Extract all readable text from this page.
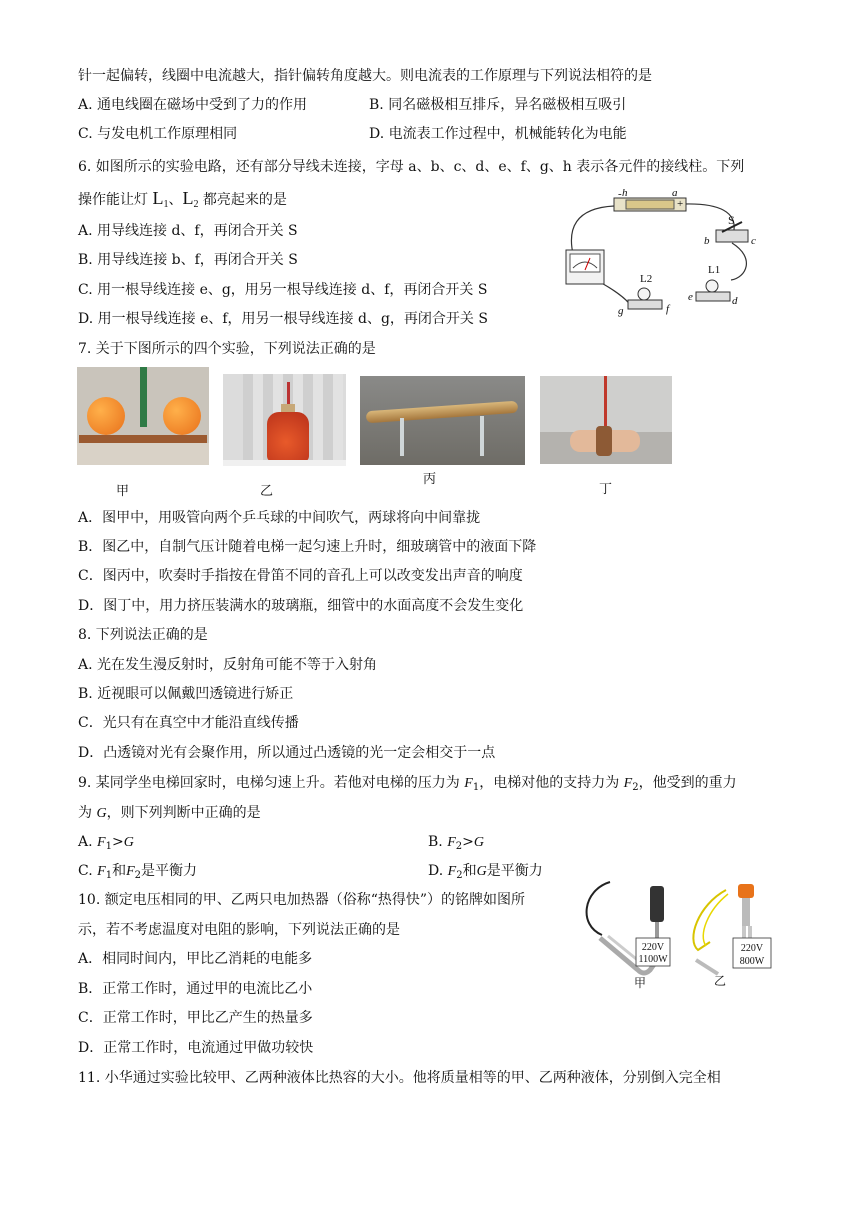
针一起偏转，线圈中电流越大，指针偏转角度越大。则电流表的工作原理与下列说法相符的是
A. 通电线圈在磁场中受到了力的作用	B. 同名磁极相互排斥，异名磁极相互吸引
C. 与发电机工作原理相同	D. 电流表工作过程中，机械能转化为电能
6. 如图所示的实验电路，还有部分导线未连接，字母 a、b、c、d、e、f、g、h 表示各元件的接线柱。下列
操作能让灯 $L_1$、$L_2$ 都亮起来的是
A. 用导线连接 d、f，再闭合开关 S
B. 用导线连接 b、f，再闭合开关 S
C. 用一根导线连接 e、g，用另一根导线连接 d、f，再闭合开关 S
D. 用一根导线连接 e、f，用另一根导线连接 d、g，再闭合开关 S
- h	a
+
S
b	c
L1
e	d
L2
g	f
7. 关于下图所示的四个实验，下列说法正确的是
甲	乙
丙
丁
A．图甲中，用吸管向两个乒乓球的中间吹气，两球将向中间靠拢
B．图乙中，自制气压计随着电梯一起匀速上升时，细玻璃管中的液面下降
C．图丙中，吹奏时手指按在骨笛不同的音孔上可以改变发出声音的响度
D．图丁中，用力挤压装满水的玻璃瓶，细管中的水面高度不会发生变化
8. 下列说法正确的是
A. 光在发生漫反射时，反射角可能不等于入射角
B. 近视眼可以佩戴凹透镜进行矫正
C．光只有在真空中才能沿直线传播
D．凸透镜对光有会聚作用，所以通过凸透镜的光一定会相交于一点
9. 某同学坐电梯回家时，电梯匀速上升。若他对电梯的压力为 $F_1$，电梯对他的支持力为 $F_2$，他受到的重力
为 G，则下列判断中正确的是
A. $F_1>G$	B. $F_2>G$
C. $F_1$和$F_2$是平衡力	D. $F_2$和G是平衡力
10. 额定电压相同的甲、乙两只电加热器（俗称“热得快”）的铭牌如图所
示，若不考虑温度对电阻的影响，下列说法正确的是
A．相同时间内，甲比乙消耗的电能多
B．正常工作时，通过甲的电流比乙小
C．正常工作时，甲比乙产生的热量多
D．正常工作时，电流通过甲做功较快
220V
1100W
甲
220V
800W
乙
11. 小华通过实验比较甲、乙两种液体比热容的大小。他将质量相等的甲、乙两种液体，分别倒入完全相
